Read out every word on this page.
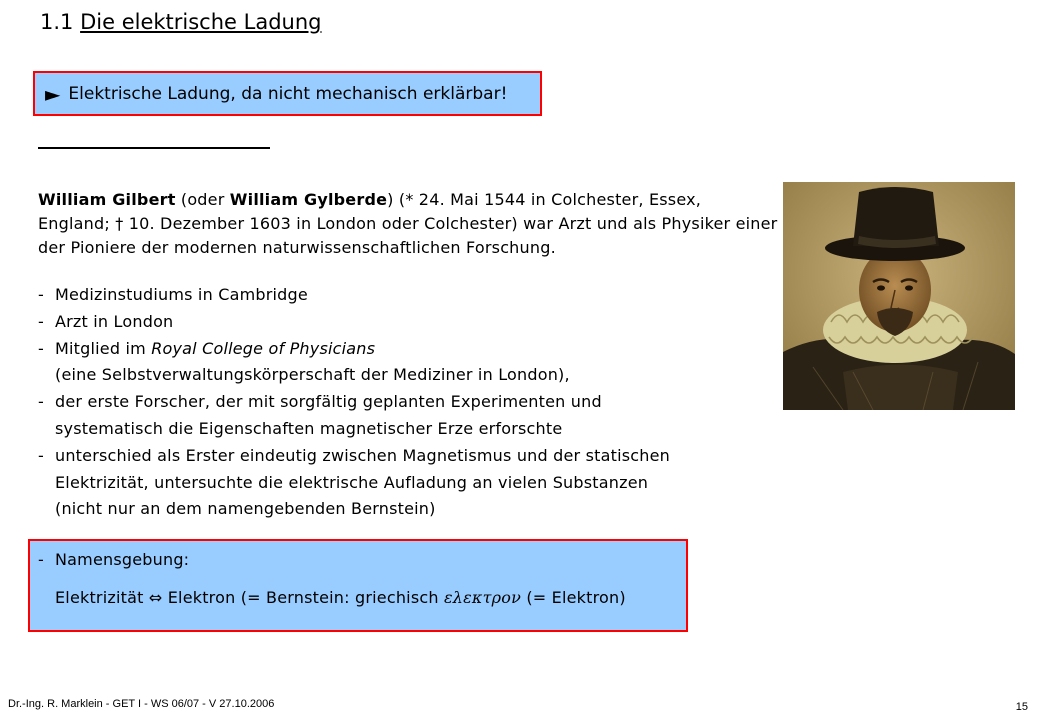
1.1 Die elektrische Ladung
► Elektrische Ladung, da nicht mechanisch erklärbar!
William Gilbert (oder William Gylberde) (* 24. Mai 1544 in Colchester, Essex, England; † 10. Dezember 1603 in London oder Colchester) war Arzt und als Physiker einer der Pioniere der modernen naturwissenschaftlichen Forschung.
- Medizinstudiums in Cambridge
- Arzt in London
- Mitglied im Royal College of Physicians
(eine Selbstverwaltungskörperschaft der Mediziner in London),
- der erste Forscher, der mit sorgfältig geplanten Experimenten und
systematisch die Eigenschaften magnetischer Erze erforschte
- unterschied als Erster eindeutig zwischen Magnetismus und der statischen
Elektrizität, untersuchte die elektrische Aufladung an vielen Substanzen
(nicht nur an dem namengebenden Bernstein)
- Namensgebung:
Elektrizität ⇔ Elektron (= Bernstein: griechisch ελεκτρον (= Elektron)
Dr.-Ing. R. Marklein - GET I - WS 06/07 - V 27.10.2006	15
